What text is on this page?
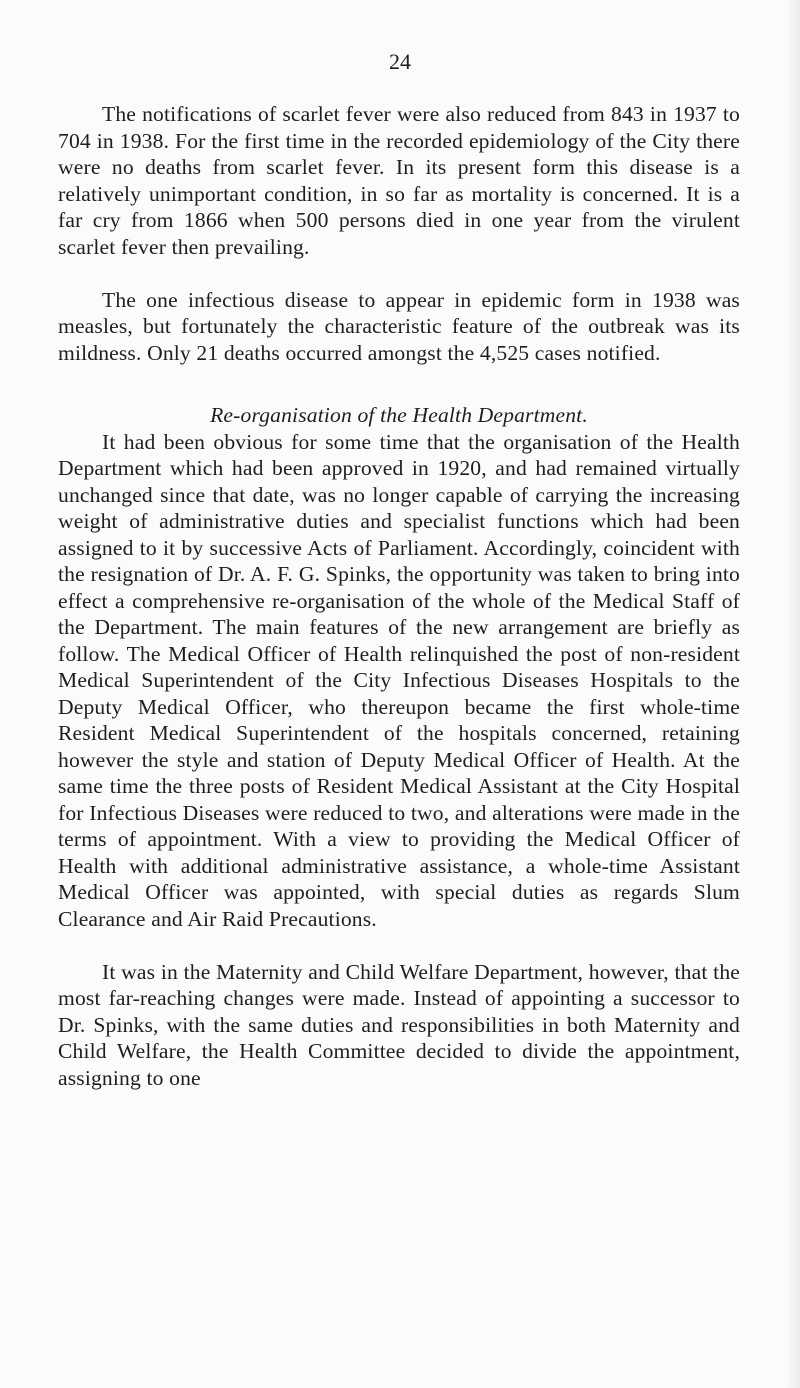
24

The notifications of scarlet fever were also reduced from 843 in 1937 to 704 in 1938. For the first time in the recorded epidemiology of the City there were no deaths from scarlet fever. In its present form this disease is a relatively unimportant condition, in so far as mortality is concerned. It is a far cry from 1866 when 500 persons died in one year from the virulent scarlet fever then prevailing.

The one infectious disease to appear in epidemic form in 1938 was measles, but fortunately the characteristic feature of the outbreak was its mildness. Only 21 deaths occurred amongst the 4,525 cases notified.

Re-organisation of the Health Department.

It had been obvious for some time that the organisation of the Health Department which had been approved in 1920, and had remained virtually unchanged since that date, was no longer capable of carrying the increasing weight of administrative duties and specialist functions which had been assigned to it by successive Acts of Parliament. Accordingly, coincident with the resignation of Dr. A. F. G. Spinks, the opportunity was taken to bring into effect a comprehensive re-organisation of the whole of the Medical Staff of the Department. The main features of the new arrangement are briefly as follow. The Medical Officer of Health relinquished the post of non-resident Medical Superintendent of the City Infectious Diseases Hospitals to the Deputy Medical Officer, who thereupon became the first whole-time Resident Medical Superintendent of the hospitals concerned, retaining however the style and station of Deputy Medical Officer of Health. At the same time the three posts of Resident Medical Assistant at the City Hospital for Infectious Diseases were reduced to two, and alterations were made in the terms of appointment. With a view to providing the Medical Officer of Health with additional administrative assistance, a whole-time Assistant Medical Officer was appointed, with special duties as regards Slum Clearance and Air Raid Precautions.

It was in the Maternity and Child Welfare Department, however, that the most far-reaching changes were made. Instead of appointing a successor to Dr. Spinks, with the same duties and responsibilities in both Maternity and Child Welfare, the Health Committee decided to divide the appointment, assigning to one
